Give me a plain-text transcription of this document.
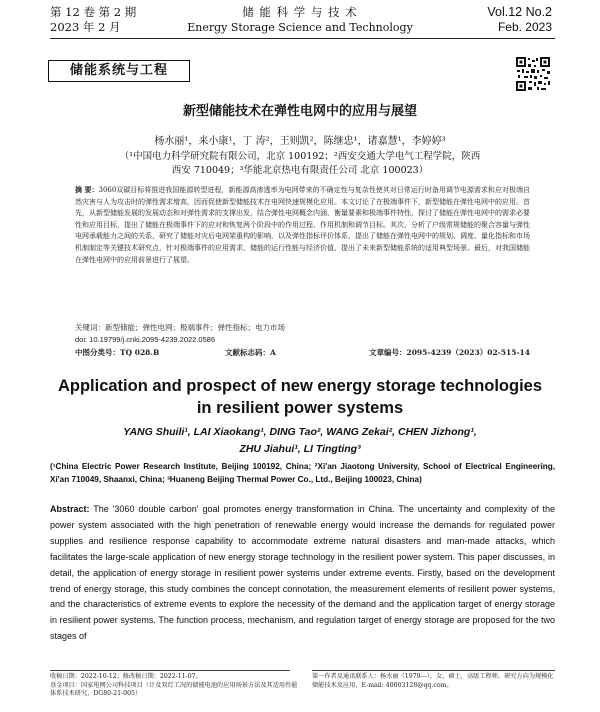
第 12 卷 第 2 期
2023 年 2 月
储 能 科 学 与 技 术
Energy Storage Science and Technology
Vol.12 No.2
Feb. 2023
储能系统与工程
新型储能技术在弹性电网中的应用与展望
杨水丽¹，来小康¹，丁 涛²，王则凯²，陈继忠¹，诸嘉慧¹，李婷婷³
（¹中国电力科学研究院有限公司，北京 100192；²西安交通大学电气工程学院，陕西
西安 710049；³华能北京热电有限责任公司 北京 100023）
摘 要：3060双碳目标将推进我国能源转型进程，新能源高渗透率为电网带来的不确定性与复杂性使其对日常运行时备用调节电源需求和应对极端自然灾害与人为攻击时的弹性需求增高，因而促使新型储能技术在电网快速规模化应用。本文讨论了在极端事件下，新型储能在弹性电网中的应用。首先，从新型储能发展的发展动态和对弹性需求的支撑出发，结合弹性电网概念内涵、衡量要素和极端事件特性，探讨了储能在弹性电网中的需求必要性和应用目标，提出了储能在极端事件下的应对和恢复两个阶段中的作用过程、作用机制和调节目标。其次，分析了户级常规储能的聚合容量与弹性电网承载能力之间的关系，研究了储能对灾后电网架重构的影响，以及弹性指标评价体系，提出了储能在弹性电网中的规划、调度、量化指标和市场机制制定等关键技术研究点，针对极端事件的应用需求、储能的运行性能与经济价值，提出了未来新型储能系统的适用典型场景。最后，对我国储能在弹性电网中的应用前景进行了展望。
关键词：新型储能；弹性电网；极端事件；弹性指标；电力市场
doi: 10.19799/j.cnki.2095-4239.2022.0586
中图分类号：TQ 028.B	文献标志码：A	文章编号：2095-4239（2023）02-515-14
Application and prospect of new energy storage technologies
in resilient power systems
YANG Shuili¹, LAI Xiaokang¹, DING Tao², WANG Zekai², CHEN Jizhong¹,
ZHU Jiahui¹, LI Tingting³
(¹China Electric Power Research Institute, Beijing 100192, China; ²Xi'an Jiaotong University, School of Electrical Engineering, Xi'an 710049, Shaanxi, China; ³Huaneng Beijing Thermal Power Co., Ltd., Beijing 100023, China)
Abstract: The '3060 double carbon' goal promotes energy transformation in China. The uncertainty and complexity of the power system associated with the high penetration of renewable energy would increase the demands for regulated power supplies and resilience response capability to accommodate extreme natural disasters and man-made attacks, which facilitates the large-scale application of new energy storage technology in the resilient power system. This paper discusses, in detail, the application of energy storage in resilient power systems under extreme events. Firstly, based on the development trend of energy storage, this study combines the concept connotation, the measurement elements of resilient power systems, and the characteristics of extreme events to explore the necessity of the demand and the application target of energy storage in resilient power systems. The function process, mechanism, and regulation target of energy storage are proposed for the two stages of
收稿日期：2022-10-12；修改稿日期：2022-11-07。
基金项目：国家电网公司科技项目（计及双灯工况的储能电池的应用场景方法及其适用性能体系技术研究，DG80-21-005）
第一作者及通讯联系人：杨水丽（1979—），女，硕士，高级工程师，研究方向为规模化储能技术及应用，E-mail: 40003128@qq.com。
